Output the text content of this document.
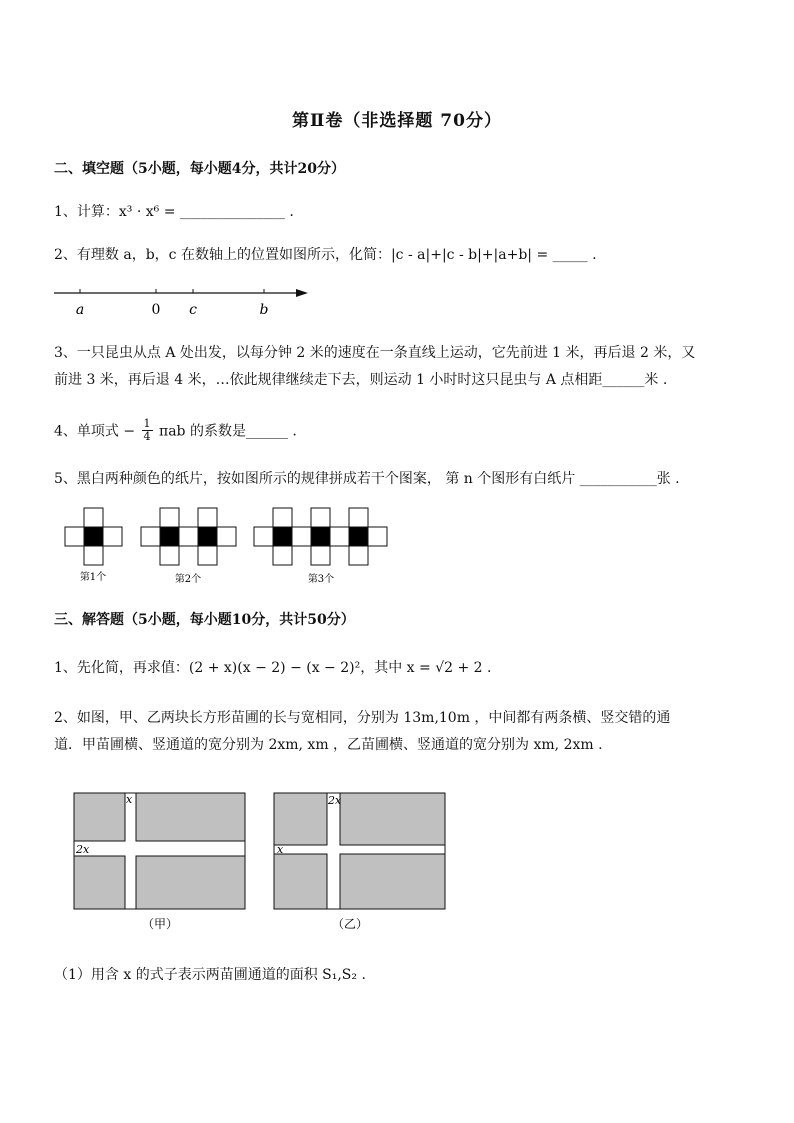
第Ⅱ卷（非选择题 70分）
二、填空题（5小题，每小题4分，共计20分）
1、计算：x³ · x⁶ = _______________ .
2、有理数 a，b，c 在数轴上的位置如图所示，化简：|c - a|+|c - b|+|a+b| = _____ .
a	0 c	b
3、一只昆虫从点 A 处出发，以每分钟 2 米的速度在一条直线上运动，它先前进 1 米，再后退 2 米，又
前进 3 米，再后退 4 米，…依此规律继续走下去，则运动 1 小时时这只昆虫与 A 点相距______米 .
4、单项式 − $\frac{1}{4}$ πab 的系数是______ .
5、黑白两种颜色的纸片，按如图所示的规律拼成若干个图案， 第 n 个图形有白纸片 ___________张 .
第1个	第2个	第3个
三、解答题（5小题，每小题10分，共计50分）
1、先化简，再求值：(2 + x)(x − 2) − (x − 2)²，其中 x = √2 + 2 .
2、如图，甲、乙两块长方形苗圃的长与宽相同，分别为 13m,10m ，中间都有两条横、竖交错的通
道．甲苗圃横、竖通道的宽分别为 2xm, xm ，乙苗圃横、竖通道的宽分别为 xm, 2xm .
x
2x
（甲）
2x
x
（乙）
（1）用含 x 的式子表示两苗圃通道的面积 S₁,S₂ .
